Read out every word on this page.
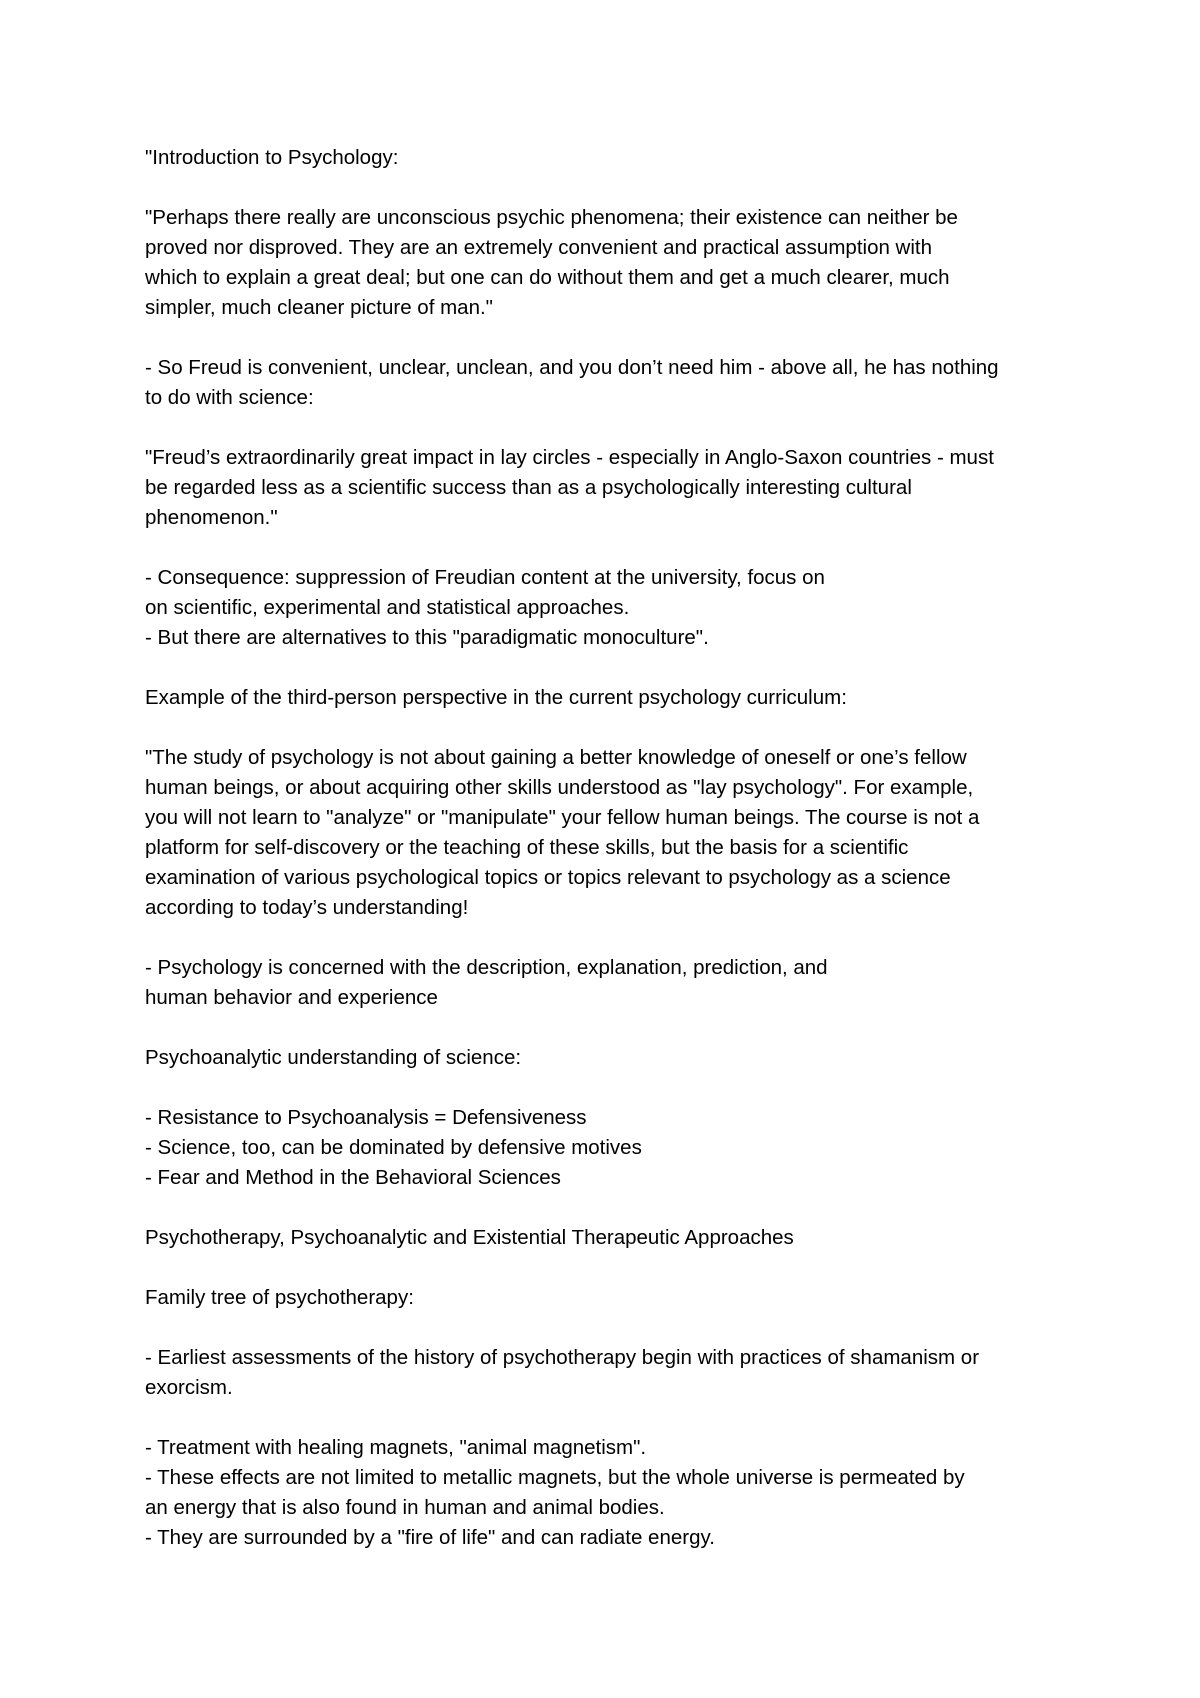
"Introduction to Psychology:
"Perhaps there really are unconscious psychic phenomena; their existence can neither be
proved nor disproved. They are an extremely convenient and practical assumption with
which to explain a great deal; but one can do without them and get a much clearer, much
simpler, much cleaner picture of man."
- So Freud is convenient, unclear, unclean, and you don’t need him - above all, he has nothing
to do with science:
"Freud’s extraordinarily great impact in lay circles - especially in Anglo-Saxon countries - must
be regarded less as a scientific success than as a psychologically interesting cultural
phenomenon."
- Consequence: suppression of Freudian content at the university, focus on
on scientific, experimental and statistical approaches.
- But there are alternatives to this "paradigmatic monoculture".
Example of the third-person perspective in the current psychology curriculum:
"The study of psychology is not about gaining a better knowledge of oneself or one’s fellow
human beings, or about acquiring other skills understood as "lay psychology". For example,
you will not learn to "analyze" or "manipulate" your fellow human beings. The course is not a
platform for self-discovery or the teaching of these skills, but the basis for a scientific
examination of various psychological topics or topics relevant to psychology as a science
according to today’s understanding!
- Psychology is concerned with the description, explanation, prediction, and
human behavior and experience
Psychoanalytic understanding of science:
- Resistance to Psychoanalysis = Defensiveness
- Science, too, can be dominated by defensive motives
- Fear and Method in the Behavioral Sciences
Psychotherapy, Psychoanalytic and Existential Therapeutic Approaches
Family tree of psychotherapy:
- Earliest assessments of the history of psychotherapy begin with practices of shamanism or
exorcism.
- Treatment with healing magnets, "animal magnetism".
- These effects are not limited to metallic magnets, but the whole universe is permeated by
an energy that is also found in human and animal bodies.
- They are surrounded by a "fire of life" and can radiate energy.
